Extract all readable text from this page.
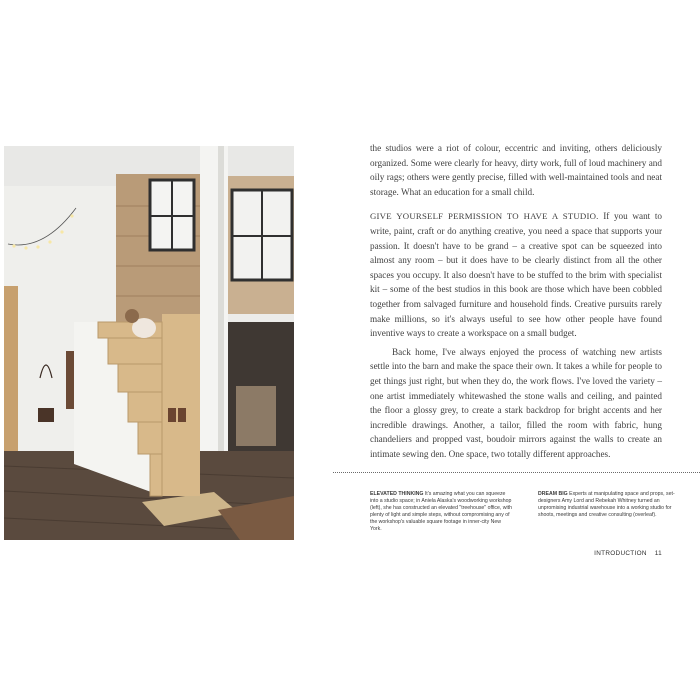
the studios were a riot of colour, eccentric and inviting, others deliciously organized. Some were clearly for heavy, dirty work, full of loud machinery and oily rags; others were gently precise, filled with well-maintained tools and neat storage. What an education for a small child.

GIVE YOURSELF PERMISSION TO HAVE A STUDIO. If you want to write, paint, craft or do anything creative, you need a space that supports your passion. It doesn't have to be grand – a creative spot can be squeezed into almost any room – but it does have to be clearly distinct from all the other spaces you occupy. It also doesn't have to be stuffed to the brim with specialist kit – some of the best studios in this book are those which have been cobbled together from salvaged furniture and household finds. Creative pursuits rarely make millions, so it's always useful to see how other people have found inventive ways to create a workspace on a small budget.

Back home, I've always enjoyed the process of watching new artists settle into the barn and make the space their own. It takes a while for people to get things just right, but when they do, the work flows. I've loved the variety – one artist immediately whitewashed the stone walls and ceiling, and painted the floor a glossy grey, to create a stark backdrop for bright accents and her incredible drawings. Another, a tailor, filled the room with fabric, hung chandeliers and propped vast, boudoir mirrors against the walls to create an intimate sewing den. One space, two totally different approaches.

ELEVATED THINKING It's amazing what you can squeeze into a studio space; in Aniela Alaska's woodworking workshop (left), she has constructed an elevated "treehouse" office, with plenty of light and simple steps, without compromising any of the workshop's valuable square footage in inner-city New York.
DREAM BIG Experts at manipulating space and props, set-designers Amy Lord and Rebekah Whitney turned an unpromising industrial warehouse into a working studio for shoots, meetings and creative consulting (overleaf).
INTRODUCTION 11
